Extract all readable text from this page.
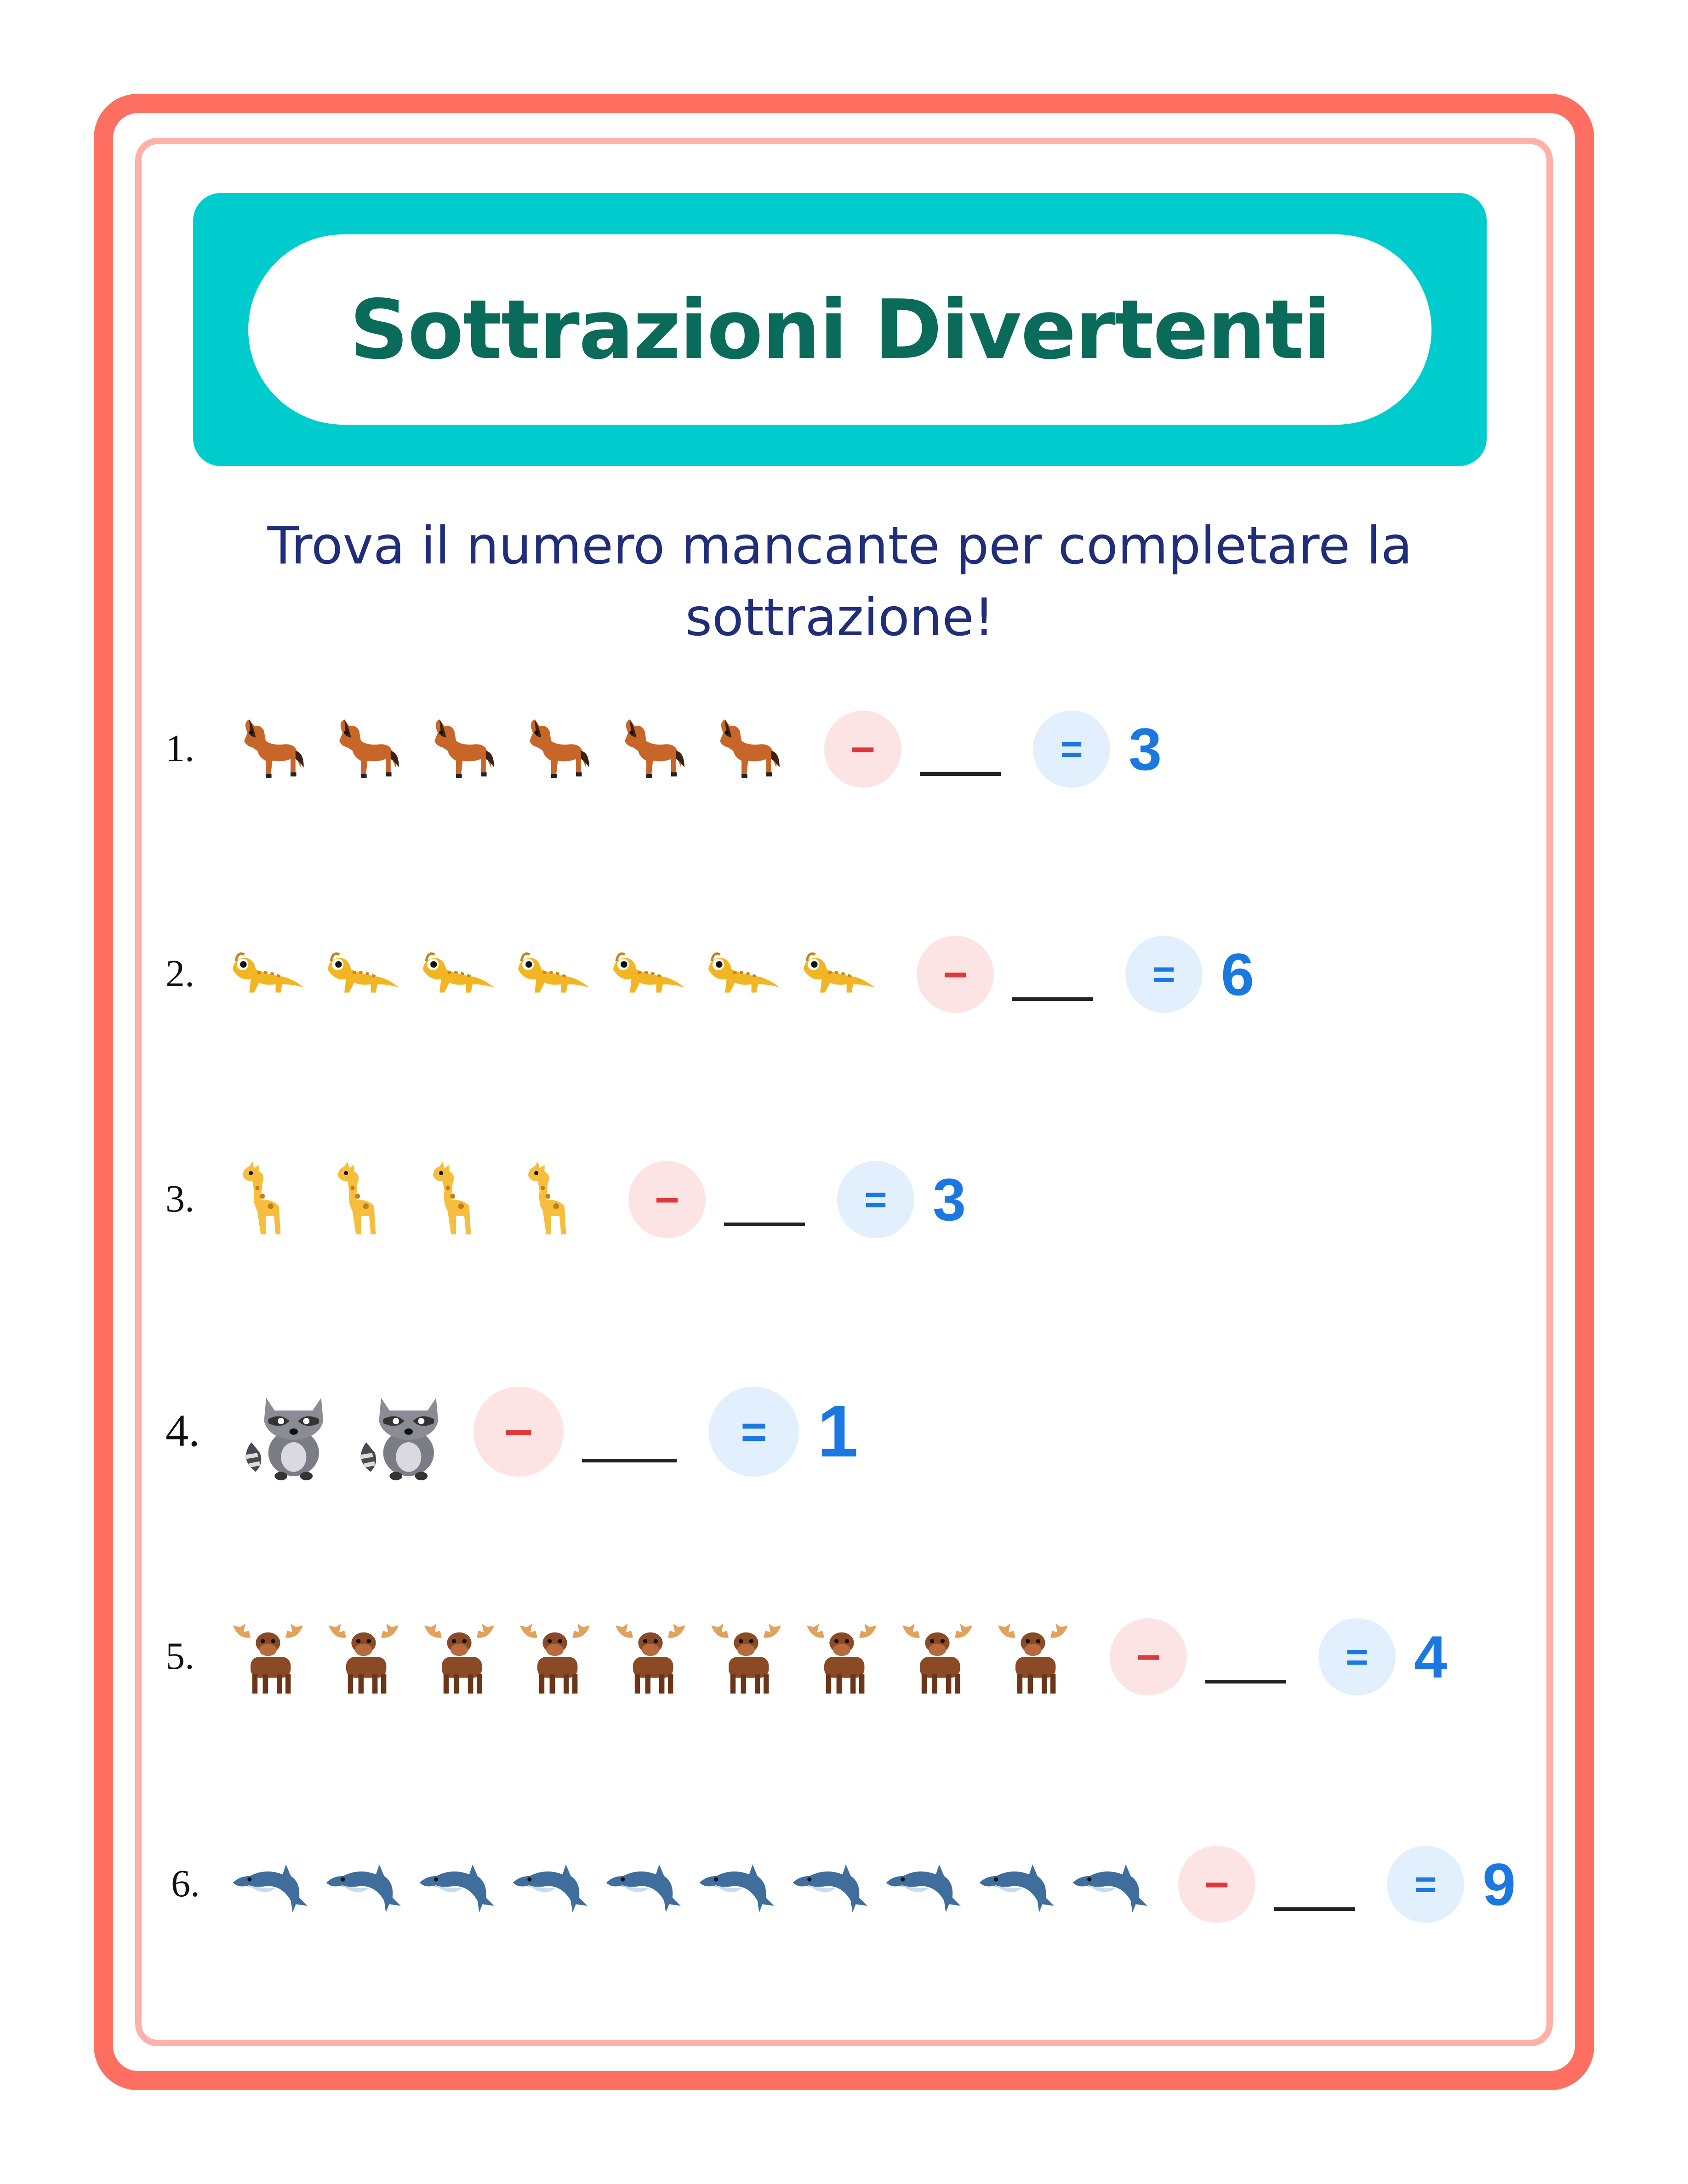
Sottrazioni Divertenti
Trova il numero mancante per completare la sottrazione!
1.	−	= 3
2.	−	= 6
3.	−	= 3
4.	−	= 1
5.	−	= 4
6.	−	= 9
